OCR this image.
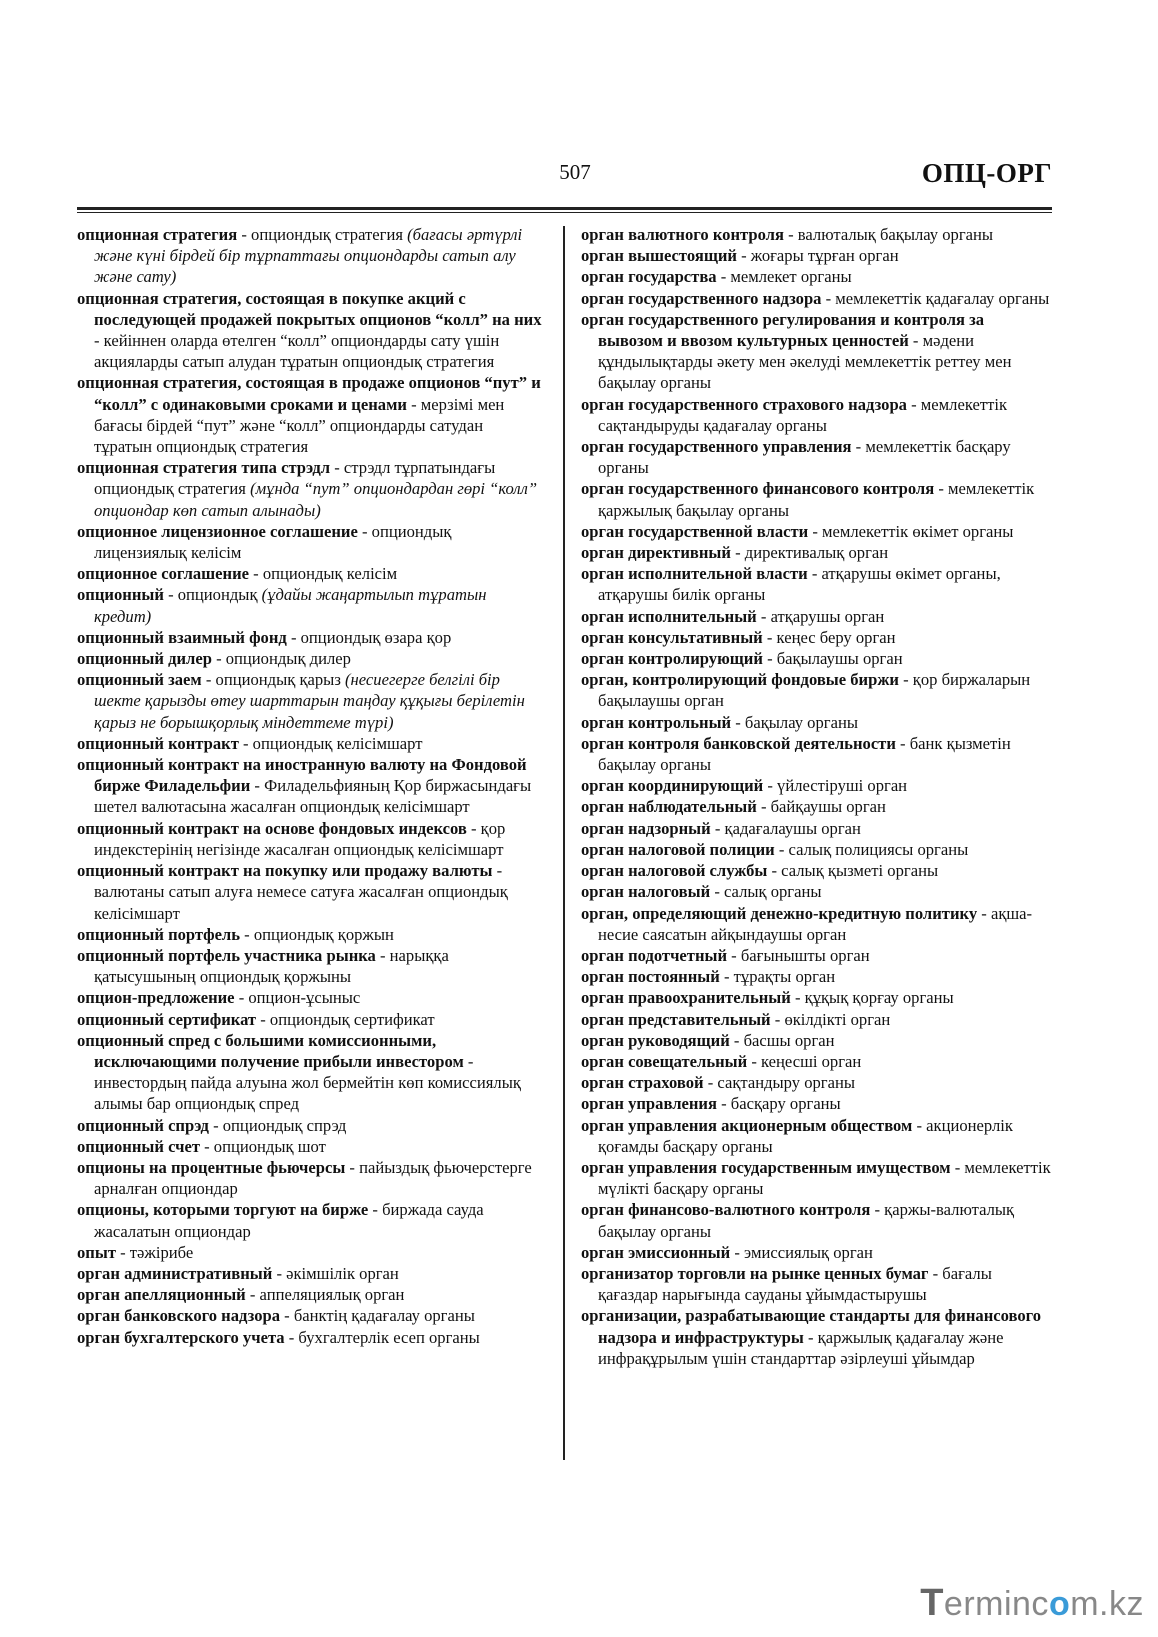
507	ОПЦ-ОРГ
опционная стратегия - опциондық стратегия (бағасы әртүрлі және күні бірдей бір тұрпаттағы опциондарды сатып алу және сату)
опционная стратегия, состоящая в покупке акций с последующей продажей покрытых опционов “колл” на них - кейіннен оларда өтелген “колл” опциондарды сату үшін акцияларды сатып алудан тұратын опциондық стратегия
опционная стратегия, состоящая в продаже опционов “пут” и “колл” с одинаковыми сроками и ценами - мерзімі мен бағасы бірдей “пут” және “колл” опциондарды сатудан тұратын опциондық стратегия
опционная стратегия типа стрэдл - стрэдл тұрпатындағы опциондық стратегия (мұнда “пут” опциондардан гөрі “колл” опциондар көп сатып алынады)
опционное лицензионное соглашение - опциондық лицензиялық келісім
опционное соглашение - опциондық келісім
опционный - опциондық (ұдайы жаңартылып тұратын кредит)
опционный взаимный фонд - опциондық өзара қор
опционный дилер - опциондық дилер
опционный заем - опциондық қарыз (несиегерге белгілі бір шекте қарызды өтеу шарттарын таңдау құқығы берілетін қарыз не борышқорлық міндеттеме түрі)
опционный контракт - опциондық келісімшарт
опционный контракт на иностранную валюту на Фондовой бирже Филадельфии - Филадельфияның Қор биржасындағы шетел валютасына жасалған опциондық келісімшарт
опционный контракт на основе фондовых индексов - қор индекстерінің негізінде жасалған опциондық келісімшарт
опционный контракт на покупку или продажу валюты - валютаны сатып алуға немесе сатуға жасалған опциондық келісімшарт
опционный портфель - опциондық қоржын
опционный портфель участника рынка - нарыққа қатысушының опциондық қоржыны
опцион-предложение - опцион-ұсыныс
опционный сертификат - опциондық сертификат
опционный спред с большими комиссионными, исключающими получение прибыли инвестором - инвестордың пайда алуына жол бермейтін көп комиссиялық алымы бар опциондық спред
опционный спрэд - опциондық спрэд
опционный счет - опциондық шот
опционы на процентные фьючерсы - пайыздық фьючерстерге арналған опциондар
опционы, которыми торгуют на бирже - биржада сауда жасалатын опциондар
опыт - тәжірибе
орган административный - әкімшілік орган
орган апелляционный - аппеляциялық орган
орган банковского надзора - банктің қадағалау органы
орган бухгалтерского учета - бухгалтерлік есеп органы
орган валютного контроля - валюталық бақылау органы
орган вышестоящий - жоғары тұрған орган
орган государства - мемлекет органы
орган государственного надзора - мемлекеттік қадағалау органы
орган государственного регулирования и контроля за вывозом и ввозом культурных ценностей - мәдени құндылықтарды әкету мен әкелуді мемлекеттік реттеу мен бақылау органы
орган государственного страхового надзора - мемлекеттік сақтандыруды қадағалау органы
орган государственного управления - мемлекеттік басқару органы
орган государственного финансового контроля - мемлекеттік қаржылық бақылау органы
орган государственной власти - мемлекеттік өкімет органы
орган директивный - директивалық орган
орган исполнительной власти - атқарушы өкімет органы, атқарушы билік органы
орган исполнительный - атқарушы орган
орган консультативный - кеңес беру орган
орган контролирующий - бақылаушы орган
орган, контролирующий фондовые биржи - қор биржаларын бақылаушы орган
орган контрольный - бақылау органы
орган контроля банковской деятельности - банк қызметін бақылау органы
орган координирующий - үйлестіруші орган
орган наблюдательный - байқаушы орган
орган надзорный - қадағалаушы орган
орган налоговой полиции - салық полициясы органы
орган налоговой службы - салық қызметі органы
орган налоговый - салық органы
орган, определяющий денежно-кредитную политику - ақша-несие саясатын айқындаушы орган
орган подотчетный - бағынышты орган
орган постоянный - тұрақты орган
орган правоохранительный - құқық қорғау органы
орган представительный - өкілдікті орган
орган руководящий - басшы орган
орган совещательный - кеңесші орган
орган страховой - сақтандыру органы
орган управления - басқару органы
орган управления акционерным обществом - акционерлік қоғамды басқару органы
орган управления государственным имуществом - мемлекеттік мүлікті басқару органы
орган финансово-валютного контроля - қаржы-валюталық бақылау органы
орган эмиссионный - эмиссиялық орган
организатор торговли на рынке ценных бумаг - бағалы қағаздар нарығында сауданы ұйымдастырушы
организации, разрабатывающие стандарты для финансового надзора и инфраструктуры - қаржылық қадағалау және инфрақұрылым үшін стандарттар әзірлеуші ұйымдар
Termincom.kz
